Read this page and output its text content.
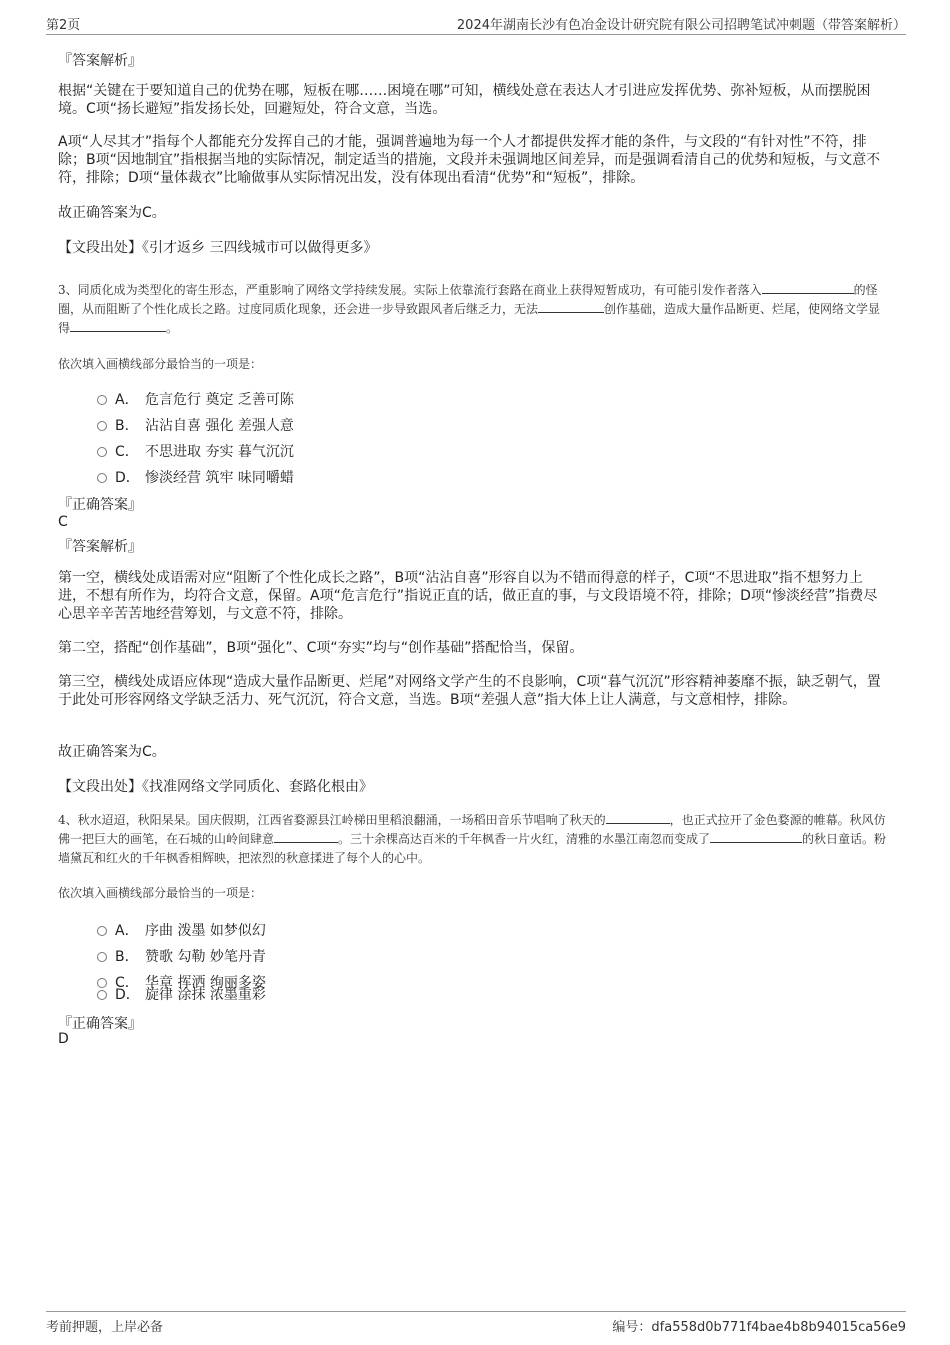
第2页	2024年湖南长沙有色冶金设计研究院有限公司招聘笔试冲刺题（带答案解析）
『答案解析』
根据“关键在于要知道自己的优势在哪，短板在哪……困境在哪”可知，横线处意在表达人才引进应发挥优势、弥补短板，从而摆脱困境。C项“扬长避短”指发扬长处，回避短处，符合文意，当选。
A项“人尽其才”指每个人都能充分发挥自己的才能，强调普遍地为每一个人才都提供发挥才能的条件，与文段的“有针对性”不符，排除；B项“因地制宜”指根据当地的实际情况，制定适当的措施，文段并未强调地区间差异，而是强调看清自己的优势和短板，与文意不符，排除；D项“量体裁衣”比喻做事从实际情况出发，没有体现出看清“优势”和“短板”，排除。
故正确答案为C。
【文段出处】《引才返乡 三四线城市可以做得更多》
3、同质化成为类型化的寄生形态，严重影响了网络文学持续发展。实际上依靠流行套路在商业上获得短暂成功，有可能引发作者落入	的怪圈，从而阻断了个性化成长之路。过度同质化现象，还会进一步导致跟风者后继乏力，无法	创作基础，造成大量作品断更、烂尾，使网络文学显得	。
依次填入画横线部分最恰当的一项是：
A． 危言危行 奠定 乏善可陈
B． 沾沾自喜 强化 差强人意
C． 不思进取 夯实 暮气沉沉
D． 惨淡经营 筑牢 味同嚼蜡
『正确答案』
C
『答案解析』
第一空，横线处成语需对应“阻断了个性化成长之路”，B项“沾沾自喜”形容自以为不错而得意的样子，C项“不思进取”指不想努力上进，不想有所作为，均符合文意，保留。A项“危言危行”指说正直的话，做正直的事，与文段语境不符，排除；D项“惨淡经营”指费尽心思辛辛苦苦地经营筹划，与文意不符，排除。
第二空，搭配“创作基础”，B项“强化”、C项“夯实”均与“创作基础”搭配恰当，保留。
第三空，横线处成语应体现“造成大量作品断更、烂尾”对网络文学产生的不良影响，C项“暮气沉沉”形容精神萎靡不振，缺乏朝气，置于此处可形容网络文学缺乏活力、死气沉沉，符合文意，当选。B项“差强人意”指大体上让人满意，与文意相悖，排除。
故正确答案为C。
【文段出处】《找准网络文学同质化、套路化根由》
4、秋水迢迢，秋阳杲杲。国庆假期，江西省婺源县江岭梯田里稻浪翻涌，一场稻田音乐节唱响了秋天的	，也正式拉开了金色婺源的帷幕。秋风仿佛一把巨大的画笔，在石城的山岭间肆意	。三十余棵高达百米的千年枫香一片火红，清雅的水墨江南忽而变成了	的秋日童话。粉墙黛瓦和红火的千年枫香相辉映，把浓烈的秋意揉进了每个人的心中。
依次填入画横线部分最恰当的一项是：
A． 序曲 泼墨 如梦似幻
B． 赞歌 勾勒 妙笔丹青
C． 华章 挥洒 绚丽多姿
D． 旋律 涂抹 浓墨重彩
『正确答案』
D
考前押题，上岸必备	编号：dfa558d0b771f4bae4b8b94015ca56e9
